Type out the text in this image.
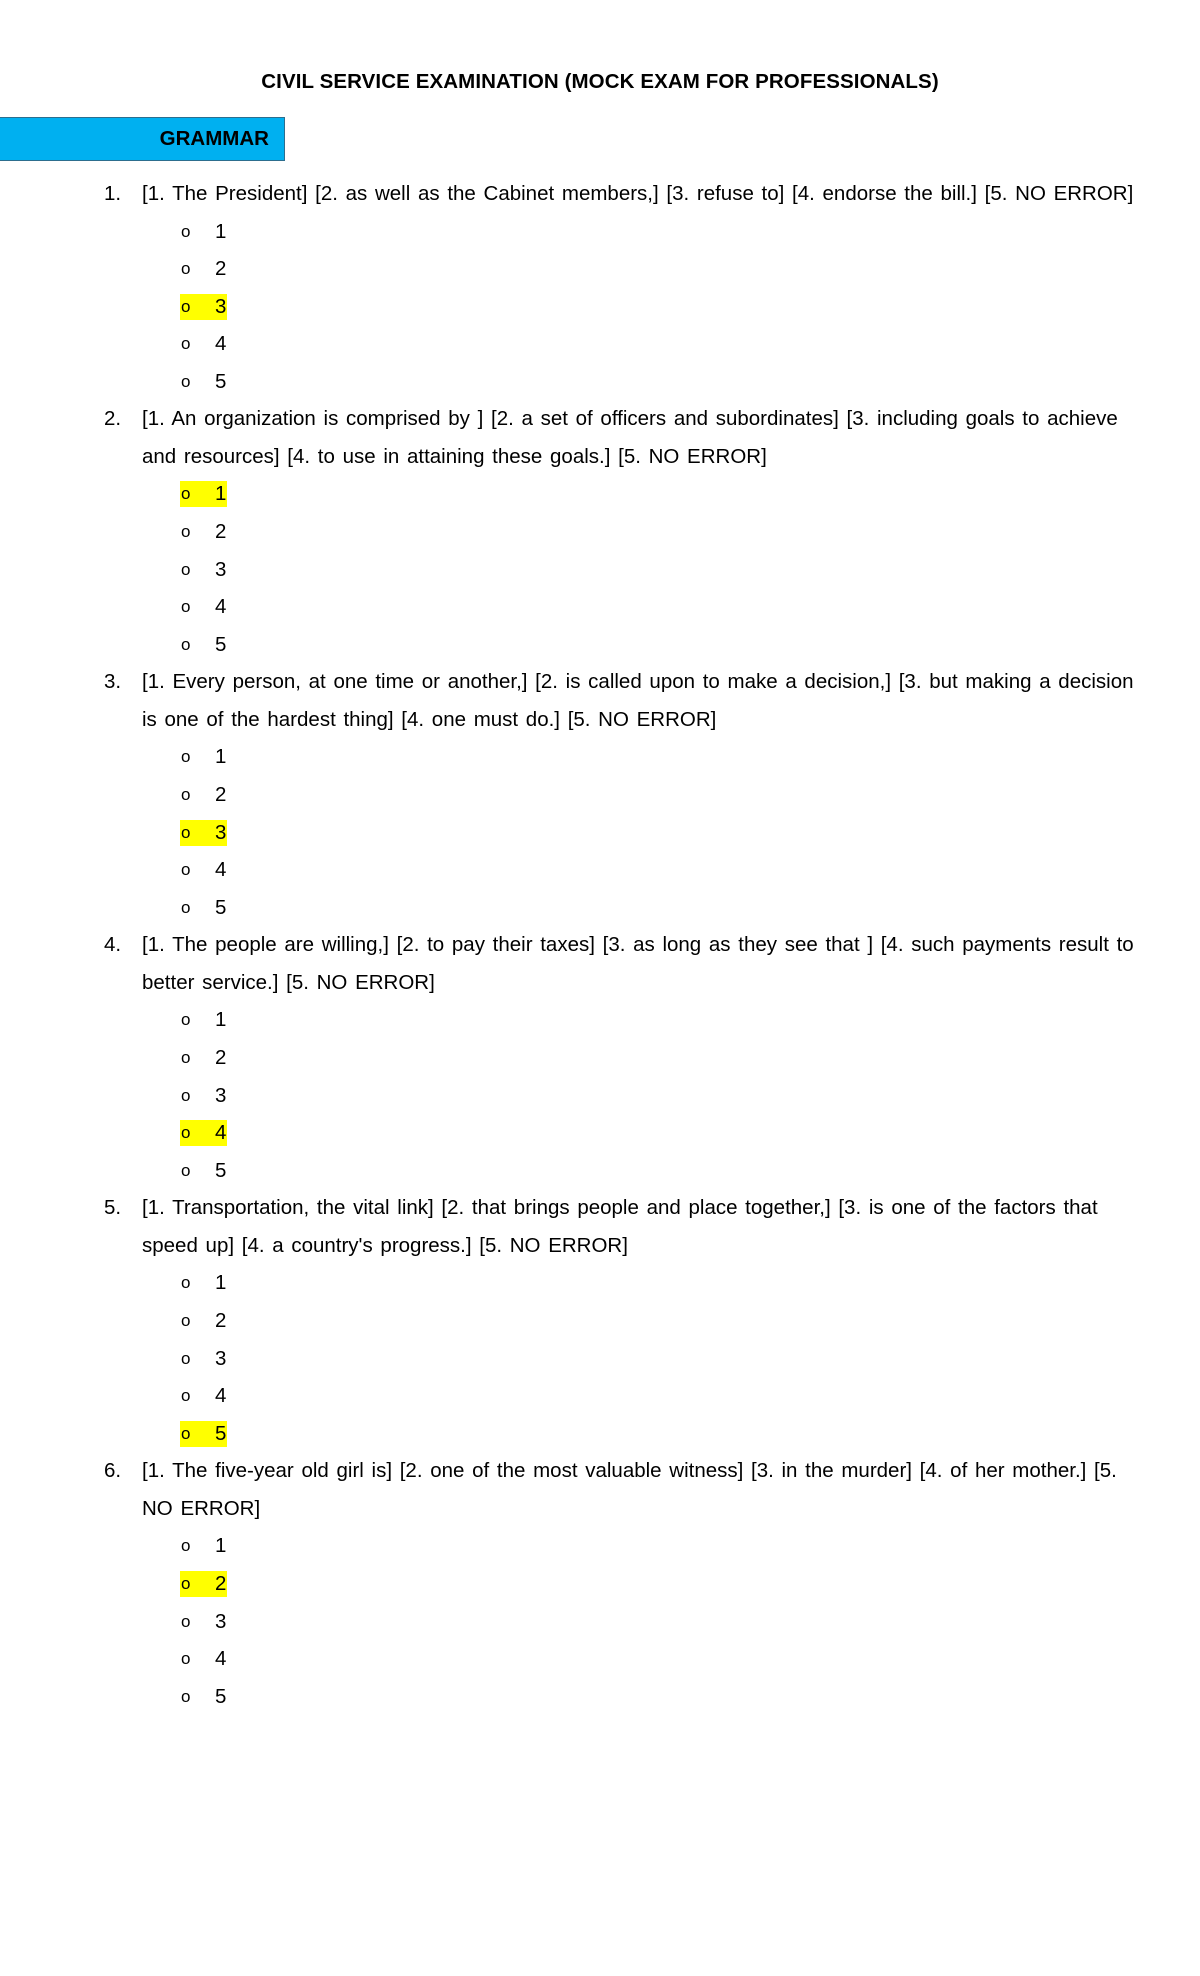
CIVIL SERVICE EXAMINATION (MOCK EXAM FOR PROFESSIONALS)
GRAMMAR
1. [1. The President] [2. as well as the Cabinet members,] [3. refuse to] [4. endorse the bill.] [5. NO ERROR]
o 1
o 2
o 3
o 4
o 5
2. [1. An organization is comprised by ] [2. a set of officers and subordinates] [3. including goals to achieve and resources] [4. to use in attaining these goals.] [5. NO ERROR]
o 1
o 2
o 3
o 4
o 5
3. [1. Every person, at one time or another,] [2. is called upon to make a decision,] [3. but making a decision is one of the hardest thing] [4. one must do.] [5. NO ERROR]
o 1
o 2
o 3
o 4
o 5
4. [1. The people are willing,] [2. to pay their taxes] [3. as long as they see that ] [4. such payments result to better service.] [5. NO ERROR]
o 1
o 2
o 3
o 4
o 5
5. [1. Transportation, the vital link] [2. that brings people and place together,] [3. is one of the factors that speed up] [4. a country's progress.] [5. NO ERROR]
o 1
o 2
o 3
o 4
o 5
6. [1. The five-year old girl is] [2. one of the most valuable witness] [3. in the murder] [4. of her mother.] [5. NO ERROR]
o 1
o 2
o 3
o 4
o 5
